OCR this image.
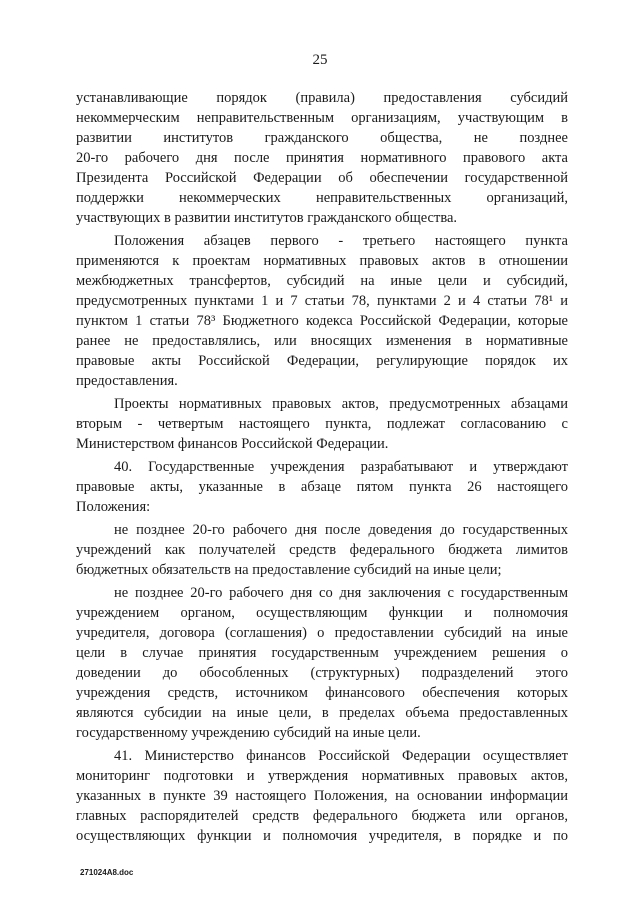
25
устанавливающие порядок (правила) предоставления субсидий
некоммерческим неправительственным организациям, участвующим в
развитии институтов гражданского общества, не позднее
20-го рабочего дня после принятия нормативного правового акта
Президента Российской Федерации об обеспечении государственной
поддержки некоммерческих неправительственных организаций,
участвующих в развитии институтов гражданского общества.
Положения абзацев первого - третьего настоящего пункта
применяются к проектам нормативных правовых актов в отношении
межбюджетных трансфертов, субсидий на иные цели и субсидий,
предусмотренных пунктами 1 и 7 статьи 78, пунктами 2 и 4 статьи 78¹ и
пунктом 1 статьи 78³ Бюджетного кодекса Российской Федерации, которые
ранее не предоставлялись, или вносящих изменения в нормативные
правовые акты Российской Федерации, регулирующие порядок их
предоставления.
Проекты нормативных правовых актов, предусмотренных абзацами
вторым - четвертым настоящего пункта, подлежат согласованию с
Министерством финансов Российской Федерации.
40. Государственные учреждения разрабатывают и утверждают
правовые акты, указанные в абзаце пятом пункта 26 настоящего
Положения:
не позднее 20-го рабочего дня после доведения до государственных
учреждений как получателей средств федерального бюджета лимитов
бюджетных обязательств на предоставление субсидий на иные цели;
не позднее 20-го рабочего дня со дня заключения с государственным
учреждением органом, осуществляющим функции и полномочия
учредителя, договора (соглашения) о предоставлении субсидий на иные
цели в случае принятия государственным учреждением решения о
доведении до обособленных (структурных) подразделений этого
учреждения средств, источником финансового обеспечения которых
являются субсидии на иные цели, в пределах объема предоставленных
государственному учреждению субсидий на иные цели.
41. Министерство финансов Российской Федерации осуществляет
мониторинг подготовки и утверждения нормативных правовых актов,
указанных в пункте 39 настоящего Положения, на основании информации
главных распорядителей средств федерального бюджета или органов,
осуществляющих функции и полномочия учредителя, в порядке и по
271024A8.doc
